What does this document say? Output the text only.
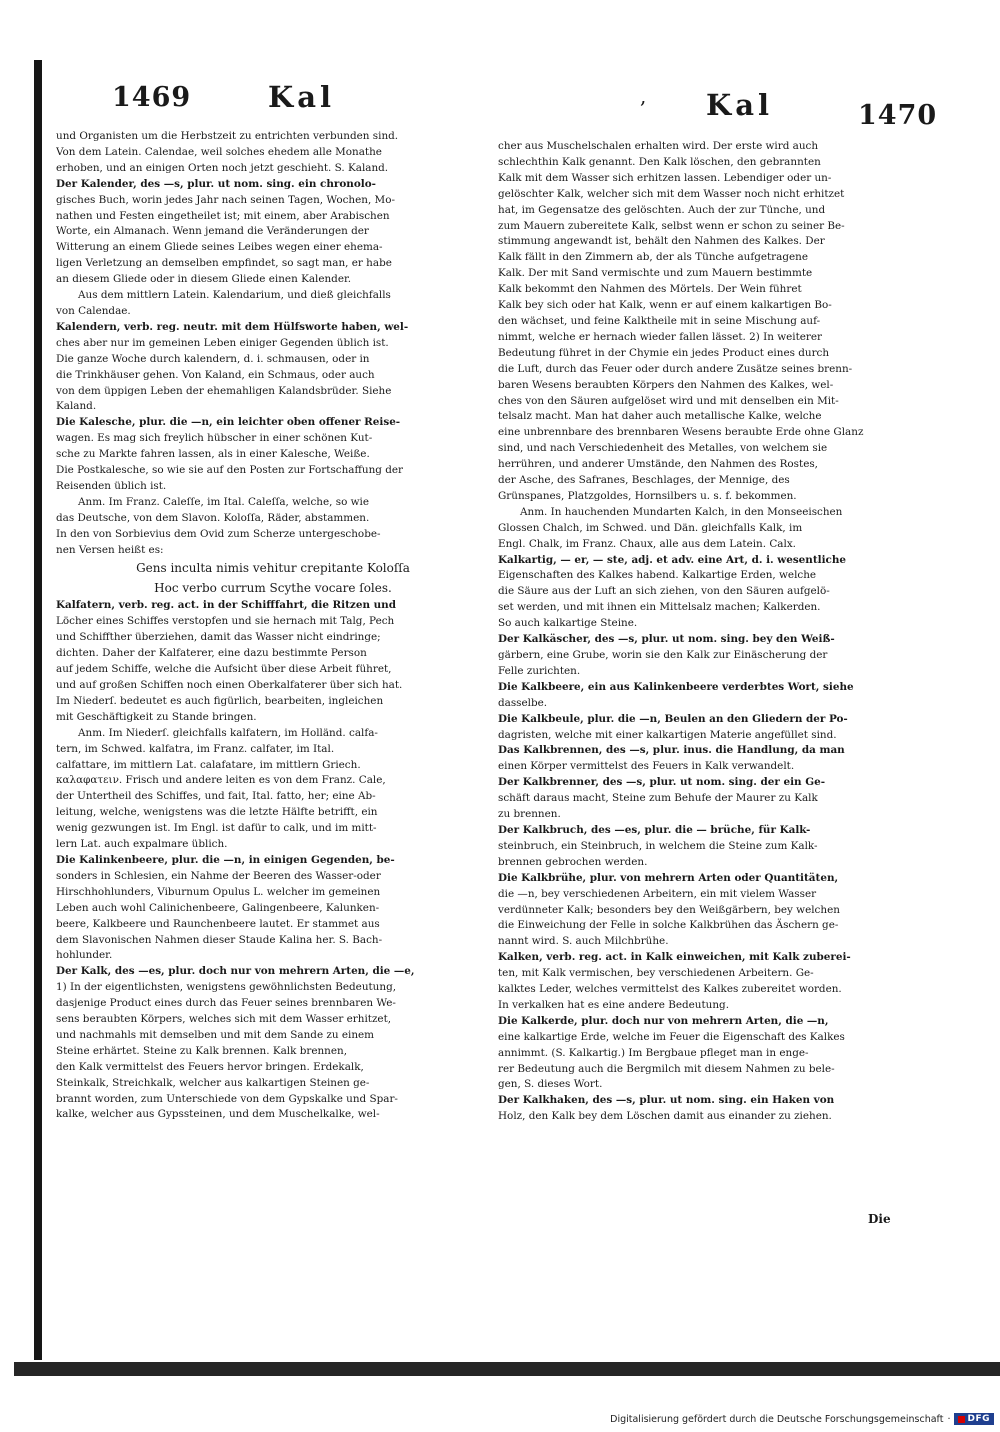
1469	Kal	, Kal	1470
und Organisten um die Herbstzeit zu entrichten verbunden sind.
Von dem Latein. Calendae, weil solches ehedem alle Monathe
erhoben, und an einigen Orten noch jetzt geschieht. S. Kaland.
Der Kalender, des —s, plur. ut nom. sing. ein chronolo-
gisches Buch, worin jedes Jahr nach seinen Tagen, Wochen, Mo-
nathen und Festen eingetheilet ist; mit einem, aber Arabischen
Worte, ein Almanach. Wenn jemand die Veränderungen der
Witterung an einem Gliede seines Leibes wegen einer ehema-
ligen Verletzung an demselben empfindet, so sagt man, er habe
an diesem Gliede oder in diesem Gliede einen Kalender.
Aus dem mittlern Latein. Kalendarium, und dieß gleichfalls
von Calendae.
Kalendern, verb. reg. neutr. mit dem Hülfsworte haben, wel-
ches aber nur im gemeinen Leben einiger Gegenden üblich ist.
Die ganze Woche durch kalendern, d. i. schmausen, oder in
die Trinkhäuser gehen. Von Kaland, ein Schmaus, oder auch
von dem üppigen Leben der ehemahligen Kalandsbrüder. Siehe
Kaland.
Die Kalesche, plur. die —n, ein leichter oben offener Reise-
wagen. Es mag sich freylich hübscher in einer schönen Kut-
sche zu Markte fahren lassen, als in einer Kalesche, Weiße.
Die Postkalesche, so wie sie auf den Posten zur Fortschaffung der
Reisenden üblich ist.
Anm. Im Franz. Caleſſe, im Ital. Caleſſa, welche, so wie
das Deutsche, von dem Slavon. Koloſſa, Räder, abstammen.
In den von Sorbievius dem Ovid zum Scherze untergeschobe-
nen Versen heißt es:
Gens inculta nimis vehitur crepitante Koloſſa
Hoc verbo currum Scythe vocare ſoles.
Kalfatern, verb. reg. act. in der Schifffahrt, die Ritzen und
Löcher eines Schiffes verstopfen und sie hernach mit Talg, Pech
und Schiffther überziehen, damit das Wasser nicht eindringe;
dichten. Daher der Kalfaterer, eine dazu bestimmte Person
auf jedem Schiffe, welche die Aufsicht über diese Arbeit führet,
und auf großen Schiffen noch einen Oberkalfaterer über sich hat.
Im Niederſ. bedeutet es auch figürlich, bearbeiten, ingleichen
mit Geschäftigkeit zu Stande bringen.
Anm. Im Niederſ. gleichfalls kalfatern, im Holländ. calfa-
tern, im Schwed. kalfatra, im Franz. calfater, im Ital.
calfattare, im mittlern Lat. calafatare, im mittlern Griech.
καλαφατειν. Frisch und andere leiten es von dem Franz. Cale,
der Untertheil des Schiffes, und fait, Ital. fatto, her; eine Ab-
leitung, welche, wenigstens was die letzte Hälfte betrifft, ein
wenig gezwungen ist. Im Engl. ist dafür to calk, und im mitt-
lern Lat. auch expalmare üblich.
Die Kalinkenbeere, plur. die —n, in einigen Gegenden, be-
sonders in Schlesien, ein Nahme der Beeren des Wasser-oder
Hirschhohlunders, Viburnum Opulus L. welcher im gemeinen
Leben auch wohl Calinichenbeere, Galingenbeere, Kalunken-
beere, Kalkbeere und Raunchenbeere lautet. Er stammet aus
dem Slavonischen Nahmen dieser Staude Kalina her. S. Bach-
hohlunder.
Der Kalk, des —es, plur. doch nur von mehrern Arten, die —e,
1) In der eigentlichsten, wenigstens gewöhnlichsten Bedeutung,
dasjenige Product eines durch das Feuer seines brennbaren We-
sens beraubten Körpers, welches sich mit dem Wasser erhitzet,
und nachmahls mit demselben und mit dem Sande zu einem
Steine erhärtet. Steine zu Kalk brennen. Kalk brennen,
den Kalk vermittelst des Feuers hervor bringen. Erdekalk,
Steinkalk, Streichkalk, welcher aus kalkartigen Steinen ge-
brannt worden, zum Unterschiede von dem Gypskalke und Spar-
kalke, welcher aus Gypssteinen, und dem Muschelkalke, wel-
cher aus Muschelschalen erhalten wird. Der erste wird auch
schlechthin Kalk genannt. Den Kalk löschen, den gebrannten
Kalk mit dem Wasser sich erhitzen lassen. Lebendiger oder un-
gelöschter Kalk, welcher sich mit dem Wasser noch nicht erhitzet
hat, im Gegensatze des gelöschten. Auch der zur Tünche, und
zum Mauern zubereitete Kalk, selbst wenn er schon zu seiner Be-
stimmung angewandt ist, behält den Nahmen des Kalkes. Der
Kalk fällt in den Zimmern ab, der als Tünche aufgetragene
Kalk. Der mit Sand vermischte und zum Mauern bestimmte
Kalk bekommt den Nahmen des Mörtels. Der Wein führet
Kalk bey sich oder hat Kalk, wenn er auf einem kalkartigen Bo-
den wächset, und feine Kalktheile mit in seine Mischung auf-
nimmt, welche er hernach wieder fallen lässet. 2) In weiterer
Bedeutung führet in der Chymie ein jedes Product eines durch
die Luft, durch das Feuer oder durch andere Zusätze seines brenn-
baren Wesens beraubten Körpers den Nahmen des Kalkes, wel-
ches von den Säuren aufgelöset wird und mit denselben ein Mit-
telsalz macht. Man hat daher auch metallische Kalke, welche
eine unbrennbare des brennbaren Wesens beraubte Erde ohne Glanz
sind, und nach Verschiedenheit des Metalles, von welchem sie
herrühren, und anderer Umstände, den Nahmen des Rostes,
der Asche, des Safranes, Beschlages, der Mennige, des
Grünspanes, Platzgoldes, Hornsilbers u. s. f. bekommen.
Anm. In hauchenden Mundarten Kalch, in den Monseeischen
Glossen Chalch, im Schwed. und Dän. gleichfalls Kalk, im
Engl. Chalk, im Franz. Chaux, alle aus dem Latein. Calx.
Kalkartig, — er, — ste, adj. et adv. eine Art, d. i. wesentliche
Eigenschaften des Kalkes habend. Kalkartige Erden, welche
die Säure aus der Luft an sich ziehen, von den Säuren aufgelö-
set werden, und mit ihnen ein Mittelsalz machen; Kalkerden.
So auch kalkartige Steine.
Der Kalkäscher, des —s, plur. ut nom. sing. bey den Weiß-
gärbern, eine Grube, worin sie den Kalk zur Einäscherung der
Felle zurichten.
Die Kalkbeere, ein aus Kalinkenbeere verderbtes Wort, siehe
dasselbe.
Die Kalkbeule, plur. die —n, Beulen an den Gliedern der Po-
dagristen, welche mit einer kalkartigen Materie angefüllet sind.
Das Kalkbrennen, des —s, plur. inus. die Handlung, da man
einen Körper vermittelst des Feuers in Kalk verwandelt.
Der Kalkbrenner, des —s, plur. ut nom. sing. der ein Ge-
schäft daraus macht, Steine zum Behufe der Maurer zu Kalk
zu brennen.
Der Kalkbruch, des —es, plur. die — brüche, für Kalk-
steinbruch, ein Steinbruch, in welchem die Steine zum Kalk-
brennen gebrochen werden.
Die Kalkbrühe, plur. von mehrern Arten oder Quantitäten,
die —n, bey verschiedenen Arbeitern, ein mit vielem Wasser
verdünneter Kalk; besonders bey den Weißgärbern, bey welchen
die Einweichung der Felle in solche Kalkbrühen das Äschern ge-
nannt wird. S. auch Milchbrühe.
Kalken, verb. reg. act. in Kalk einweichen, mit Kalk zuberei-
ten, mit Kalk vermischen, bey verschiedenen Arbeitern. Ge-
kalktes Leder, welches vermittelst des Kalkes zubereitet worden.
In verkalken hat es eine andere Bedeutung.
Die Kalkerde, plur. doch nur von mehrern Arten, die —n,
eine kalkartige Erde, welche im Feuer die Eigenschaft des Kalkes
annimmt. (S. Kalkartig.) Im Bergbaue pfleget man in enge-
rer Bedeutung auch die Bergmilch mit diesem Nahmen zu bele-
gen, S. dieses Wort.
Der Kalkhaken, des —s, plur. ut nom. sing. ein Haken von
Holz, den Kalk bey dem Löschen damit aus einander zu ziehen.
Die
Digitalisierung gefördert durch die Deutsche Forschungsgemeinschaft · DFG
